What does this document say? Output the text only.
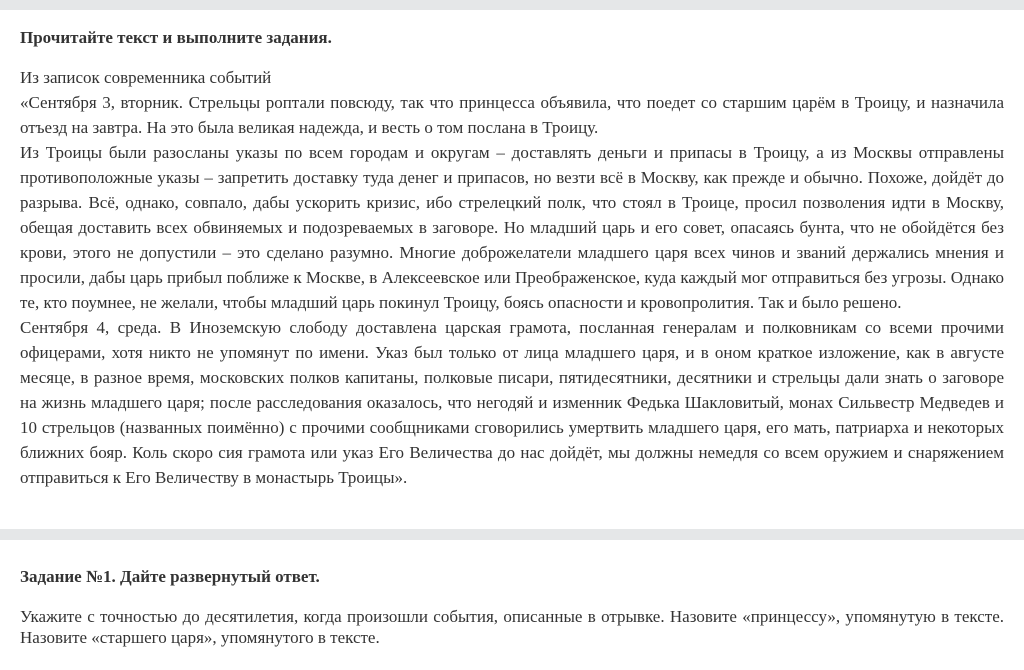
Прочитайте текст и выполните задания.

Из записок современника событий

«Сентября 3, вторник. Стрельцы роптали повсюду, так что принцесса объявила, что поедет со старшим царём в Троицу, и назначила отъезд на завтра. На это была великая надежда, и весть о том послана в Троицу.

Из Троицы были разосланы указы по всем городам и округам – доставлять деньги и припасы в Троицу, а из Москвы отправлены противоположные указы – запретить доставку туда денег и припасов, но везти всё в Москву, как прежде и обычно. Похоже, дойдёт до разрыва. Всё, однако, совпало, дабы ускорить кризис, ибо стрелецкий полк, что стоял в Троице, просил позволения идти в Москву, обещая доставить всех обвиняемых и подозреваемых в заговоре. Но младший царь и его совет, опасаясь бунта, что не обойдётся без крови, этого не допустили – это сделано разумно. Многие доброжелатели младшего царя всех чинов и званий держались мнения и просили, дабы царь прибыл поближе к Москве, в Алексеевское или Преображенское, куда каждый мог отправиться без угрозы. Однако те, кто поумнее, не желали, чтобы младший царь покинул Троицу, боясь опасности и кровопролития. Так и было решено.

Сентября 4, среда. В Иноземскую слободу доставлена царская грамота, посланная генералам и полковникам со всеми прочими офицерами, хотя никто не упомянут по имени. Указ был только от лица младшего царя, и в оном краткое изложение, как в августе месяце, в разное время, московских полков капитаны, полковые писари, пятидесятники, десятники и стрельцы дали знать о заговоре на жизнь младшего царя; после расследования оказалось, что негодяй и изменник Федька Шакловитый, монах Сильвестр Медведев и 10 стрельцов (названных поимённо) с прочими сообщниками сговорились умертвить младшего царя, его мать, патриарха и некоторых ближних бояр. Коль скоро сия грамота или указ Его Величества до нас дойдёт, мы должны немедля со всем оружием и снаряжением отправиться к Его Величеству в монастырь Троицы».

Задание №1. Дайте развернутый ответ.

Укажите с точностью до десятилетия, когда произошли события, описанные в отрывке. Назовите «принцессу», упомянутую в тексте. Назовите «старшего царя», упомянутого в тексте.
